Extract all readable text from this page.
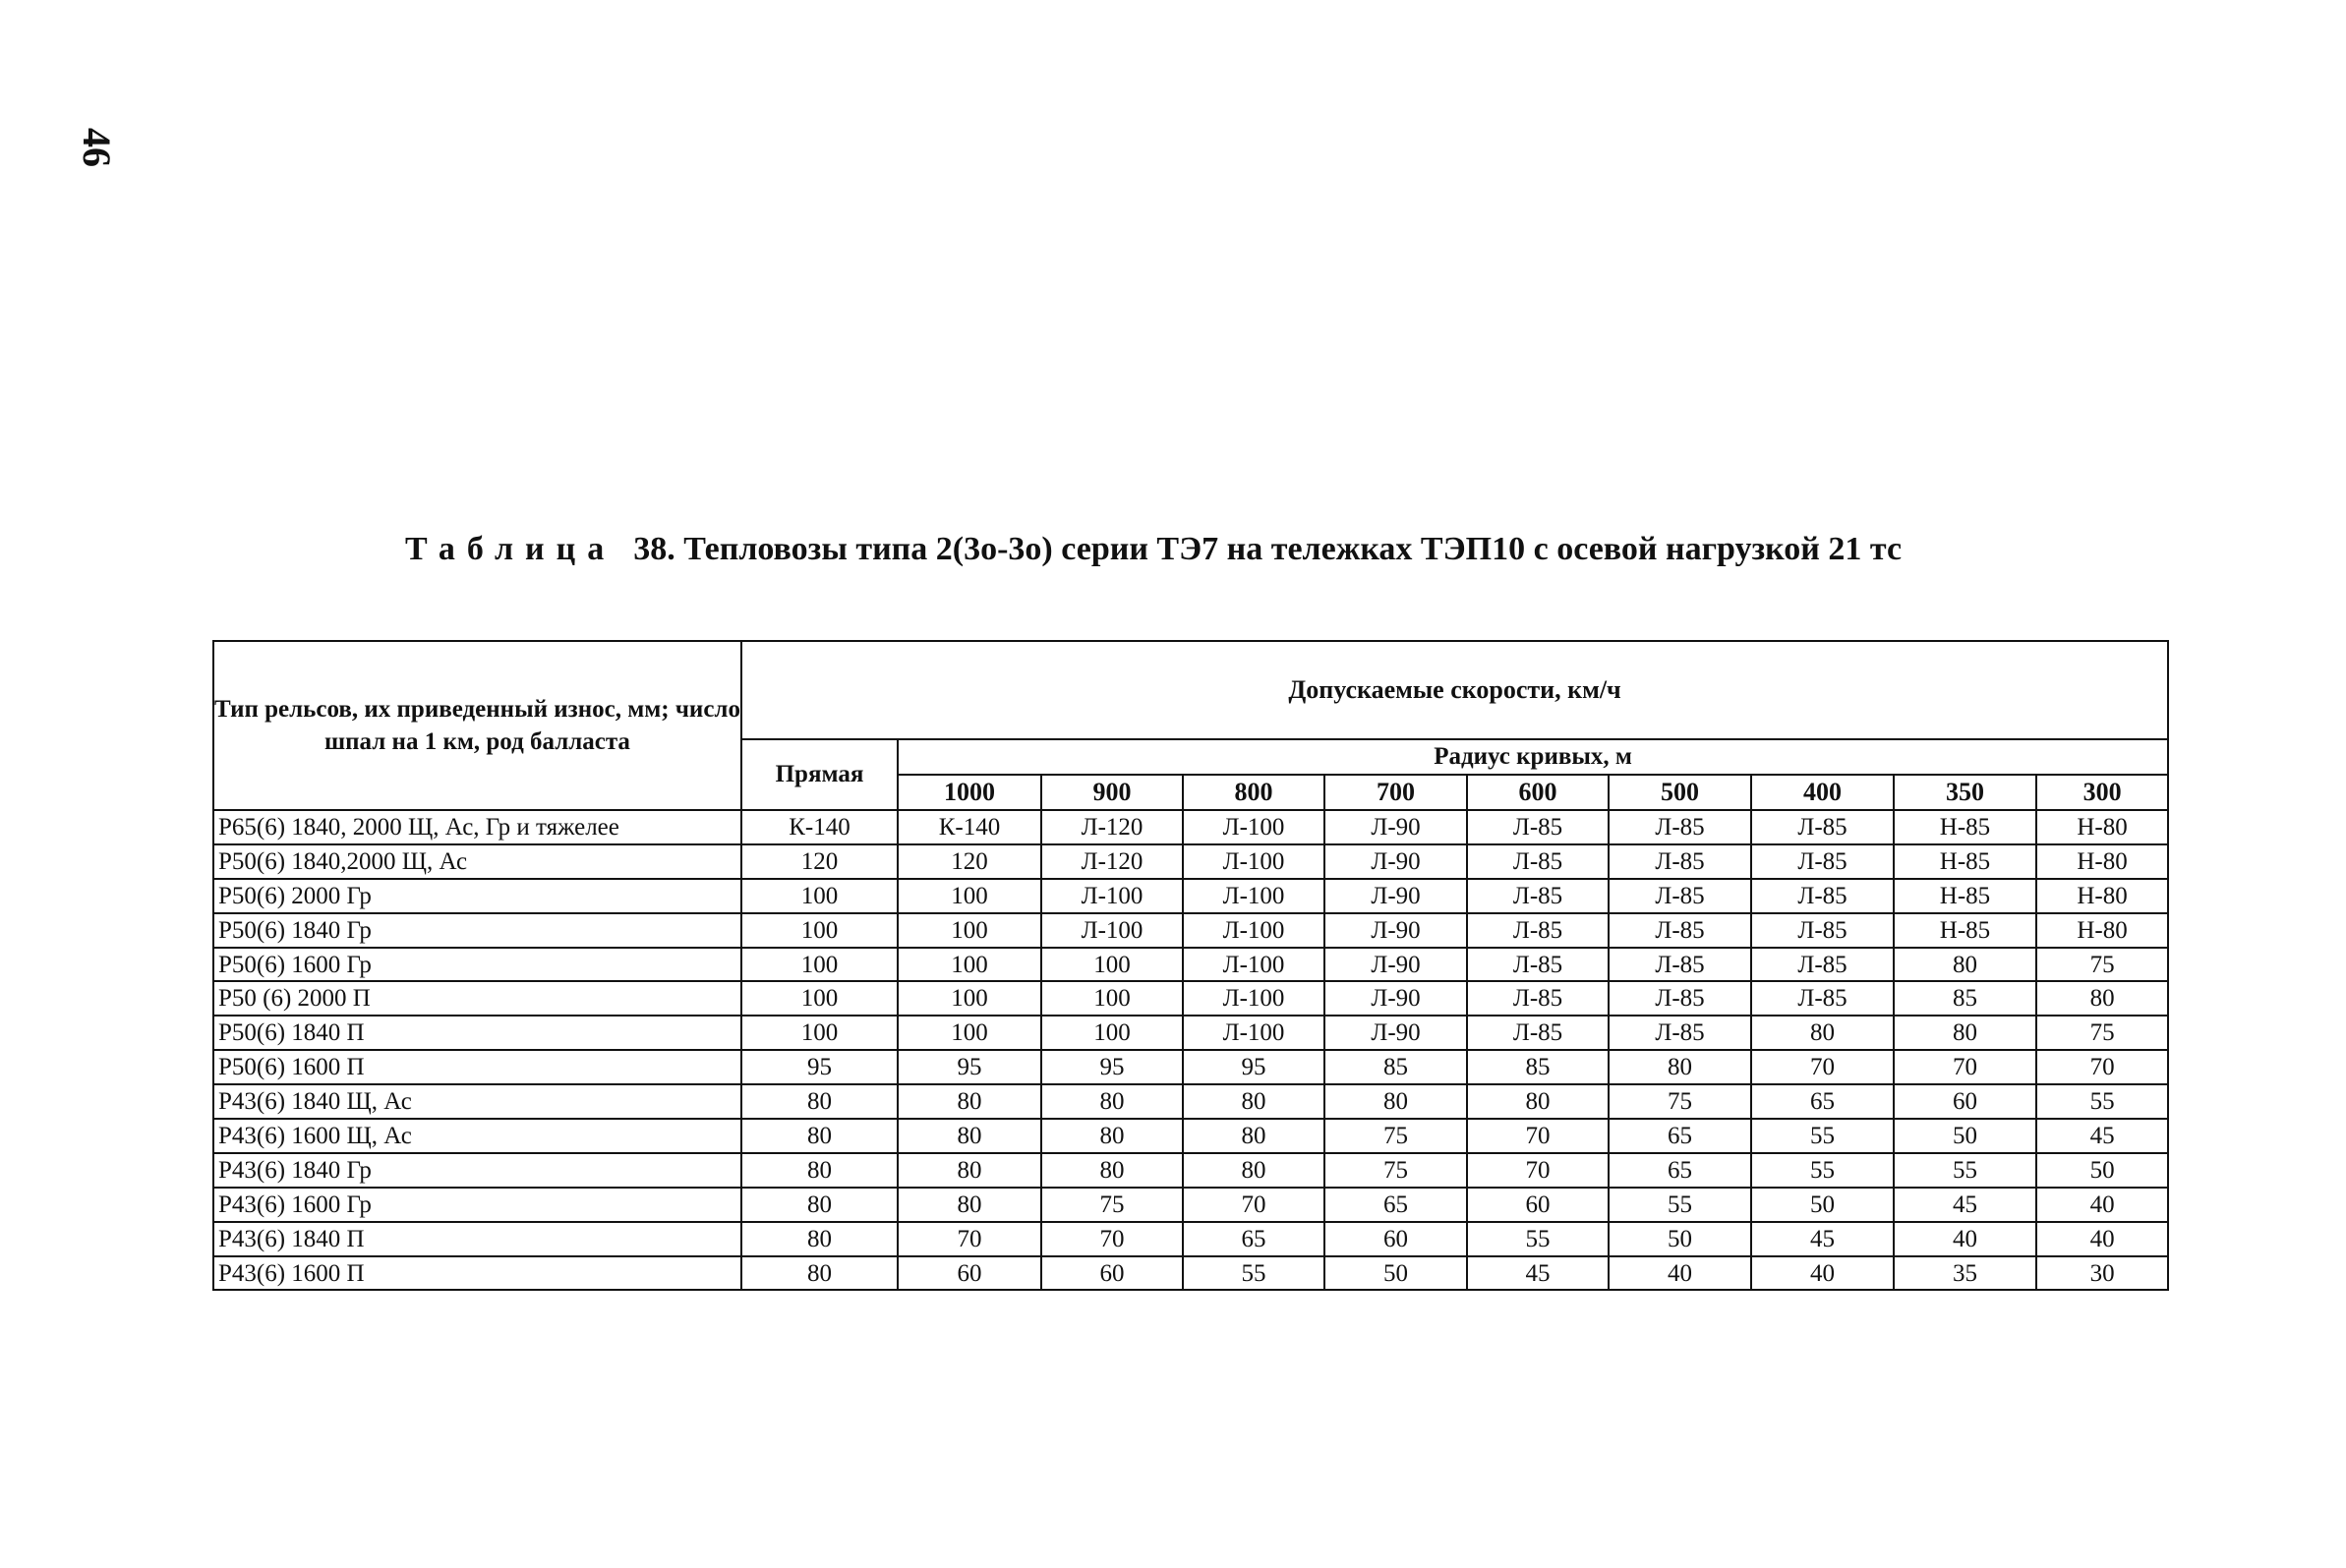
46
Таблица 38. Тепловозы типа 2(3о-3о) серии ТЭ7 на тележках ТЭП10 с осевой нагрузкой 21 тс
Тип рельсов, их приведенный износ, мм; число шпал на 1 км, род балласта	Допускаемые скорости, км/ч									
	Прямая	Радиус кривых, м								
		1000	900	800	700	600	500	400	350	300
Р65(6) 1840, 2000 Щ, Ас, Гр и тяжелее	К-140	К-140	Л-120	Л-100	Л-90	Л-85	Л-85	Л-85	Н-85	Н-80
Р50(6) 1840,2000 Щ, Ас	120	120	Л-120	Л-100	Л-90	Л-85	Л-85	Л-85	Н-85	Н-80
Р50(6) 2000 Гр	100	100	Л-100	Л-100	Л-90	Л-85	Л-85	Л-85	Н-85	Н-80
Р50(6) 1840 Гр	100	100	Л-100	Л-100	Л-90	Л-85	Л-85	Л-85	Н-85	Н-80
Р50(6) 1600 Гр	100	100	100	Л-100	Л-90	Л-85	Л-85	Л-85	80	75
Р50 (6) 2000 П	100	100	100	Л-100	Л-90	Л-85	Л-85	Л-85	85	80
Р50(6) 1840 П	100	100	100	Л-100	Л-90	Л-85	Л-85	80	80	75
Р50(6) 1600 П	95	95	95	95	85	85	80	70	70	70
Р43(6) 1840 Щ, Ас	80	80	80	80	80	80	75	65	60	55
Р43(6) 1600 Щ, Ас	80	80	80	80	75	70	65	55	50	45
Р43(6) 1840 Гр	80	80	80	80	75	70	65	55	55	50
Р43(6) 1600 Гр	80	80	75	70	65	60	55	50	45	40
Р43(6) 1840 П	80	70	70	65	60	55	50	45	40	40
Р43(6) 1600 П	80	60	60	55	50	45	40	40	35	30
